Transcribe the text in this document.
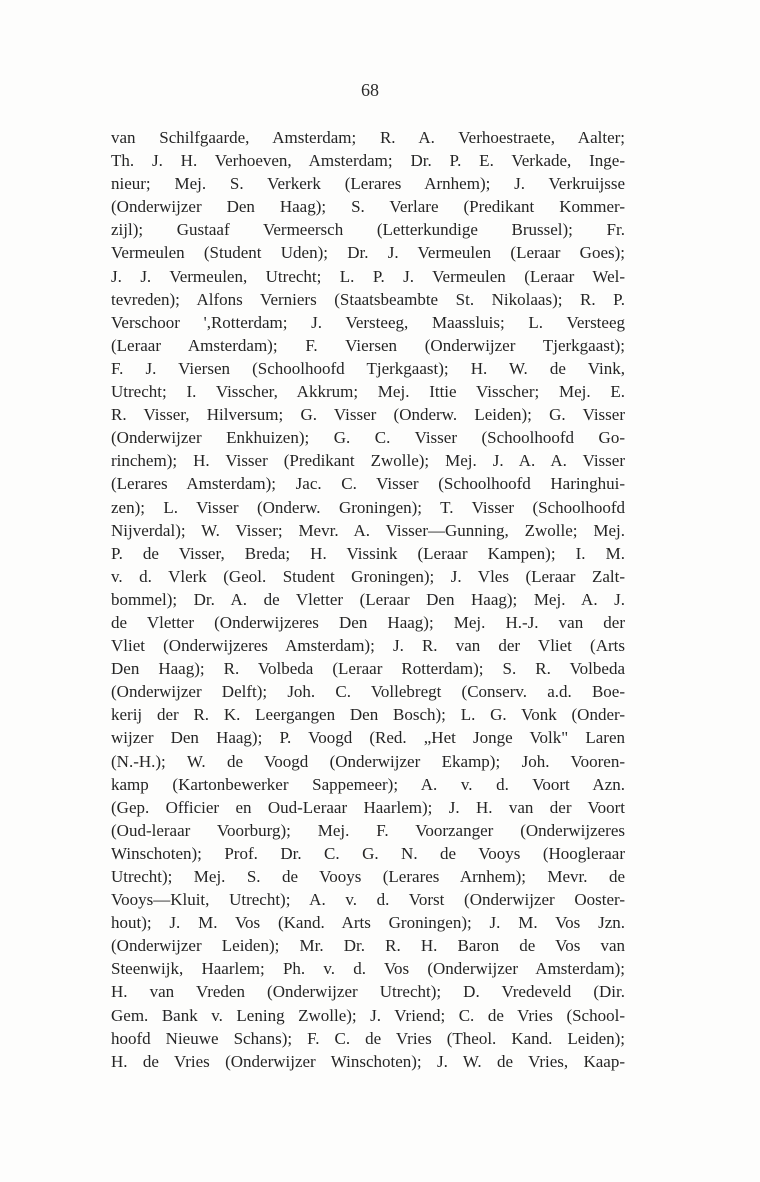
68
van Schilfgaarde, Amsterdam; R. A. Verhoestraete, Aalter;
Th. J. H. Verhoeven, Amsterdam; Dr. P. E. Verkade, Inge-
nieur; Mej. S. Verkerk (Lerares Arnhem); J. Verkruijsse
(Onderwijzer Den Haag); S. Verlare (Predikant Kommer-
zijl); Gustaaf Vermeersch (Letterkundige Brussel); Fr.
Vermeulen (Student Uden); Dr. J. Vermeulen (Leraar Goes);
J. J. Vermeulen, Utrecht; L. P. J. Vermeulen (Leraar Wel-
tevreden); Alfons Verniers (Staatsbeambte St. Nikolaas); R. P.
Verschoor ',Rotterdam; J. Versteeg, Maassluis; L. Versteeg
(Leraar Amsterdam); F. Viersen (Onderwijzer Tjerkgaast);
F. J. Viersen (Schoolhoofd Tjerkgaast); H. W. de Vink,
Utrecht; I. Visscher, Akkrum; Mej. Ittie Visscher; Mej. E.
R. Visser, Hilversum; G. Visser (Onderw. Leiden); G. Visser
(Onderwijzer Enkhuizen); G. C. Visser (Schoolhoofd Go-
rinchem); H. Visser (Predikant Zwolle); Mej. J. A. A. Visser
(Lerares Amsterdam); Jac. C. Visser (Schoolhoofd Haringhui-
zen); L. Visser (Onderw. Groningen); T. Visser (Schoolhoofd
Nijverdal); W. Visser; Mevr. A. Visser—Gunning, Zwolle; Mej.
P. de Visser, Breda; H. Vissink (Leraar Kampen); I. M.
v. d. Vlerk (Geol. Student Groningen); J. Vles (Leraar Zalt-
bommel); Dr. A. de Vletter (Leraar Den Haag); Mej. A. J.
de Vletter (Onderwijzeres Den Haag); Mej. H.-J. van der
Vliet (Onderwijzeres Amsterdam); J. R. van der Vliet (Arts
Den Haag); R. Volbeda (Leraar Rotterdam); S. R. Volbeda
(Onderwijzer Delft); Joh. C. Vollebregt (Conserv. a.d. Boe-
kerij der R. K. Leergangen Den Bosch); L. G. Vonk (Onder-
wijzer Den Haag); P. Voogd (Red. „Het Jonge Volk" Laren
(N.-H.); W. de Voogd (Onderwijzer Ekamp); Joh. Vooren-
kamp (Kartonbewerker Sappemeer); A. v. d. Voort Azn.
(Gep. Officier en Oud-Leraar Haarlem); J. H. van der Voort
(Oud-leraar Voorburg); Mej. F. Voorzanger (Onderwijzeres
Winschoten); Prof. Dr. C. G. N. de Vooys (Hoogleraar
Utrecht); Mej. S. de Vooys (Lerares Arnhem); Mevr. de
Vooys—Kluit, Utrecht); A. v. d. Vorst (Onderwijzer Ooster-
hout); J. M. Vos (Kand. Arts Groningen); J. M. Vos Jzn.
(Onderwijzer Leiden); Mr. Dr. R. H. Baron de Vos van
Steenwijk, Haarlem; Ph. v. d. Vos (Onderwijzer Amsterdam);
H. van Vreden (Onderwijzer Utrecht); D. Vredeveld (Dir.
Gem. Bank v. Lening Zwolle); J. Vriend; C. de Vries (School-
hoofd Nieuwe Schans); F. C. de Vries (Theol. Kand. Leiden);
H. de Vries (Onderwijzer Winschoten); J. W. de Vries, Kaap-
